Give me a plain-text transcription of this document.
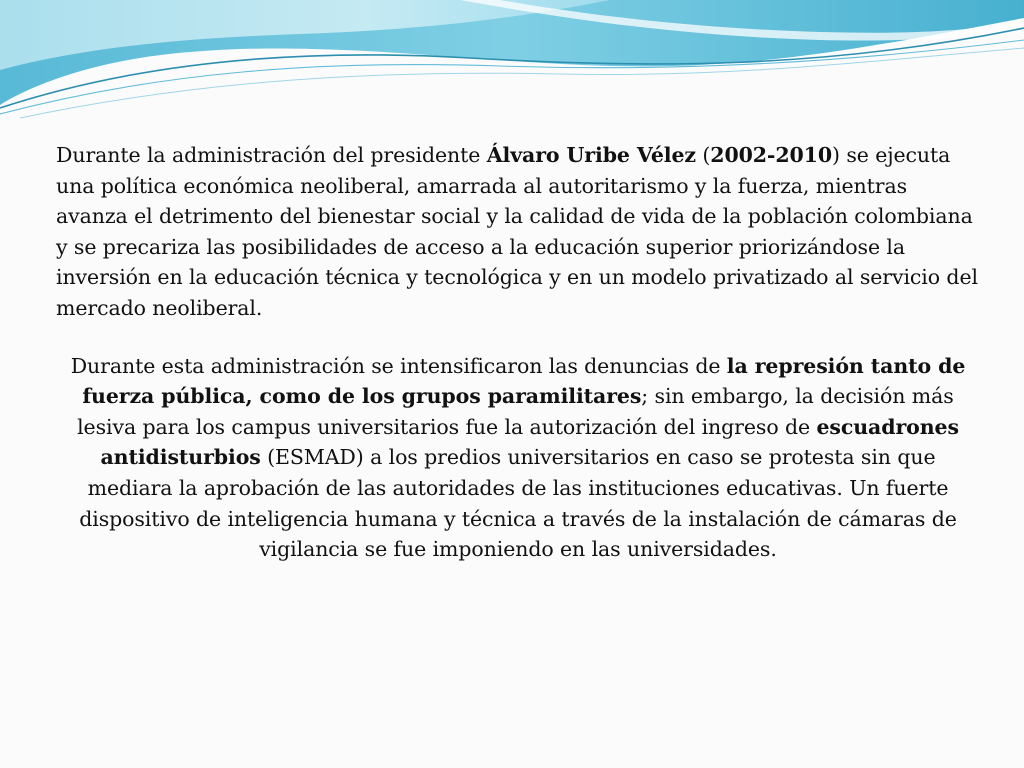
Durante la administración del presidente Álvaro Uribe Vélez (2002-2010) se ejecuta una política económica neoliberal, amarrada al autoritarismo y la fuerza, mientras avanza el detrimento del bienestar social y la calidad de vida de la población colombiana y se precariza las posibilidades de acceso a la educación superior priorizándose la inversión en la educación técnica y tecnológica y en un modelo privatizado al servicio del mercado neoliberal.

Durante esta administración se intensificaron las denuncias de la represión tanto de fuerza pública, como de los grupos paramilitares; sin embargo, la decisión más lesiva para los campus universitarios fue la autorización del ingreso de escuadrones antidisturbios (ESMAD) a los predios universitarios en caso se protesta sin que mediara la aprobación de las autoridades de las instituciones educativas. Un fuerte dispositivo de inteligencia humana y técnica a través de la instalación de cámaras de vigilancia se fue imponiendo en las universidades.
